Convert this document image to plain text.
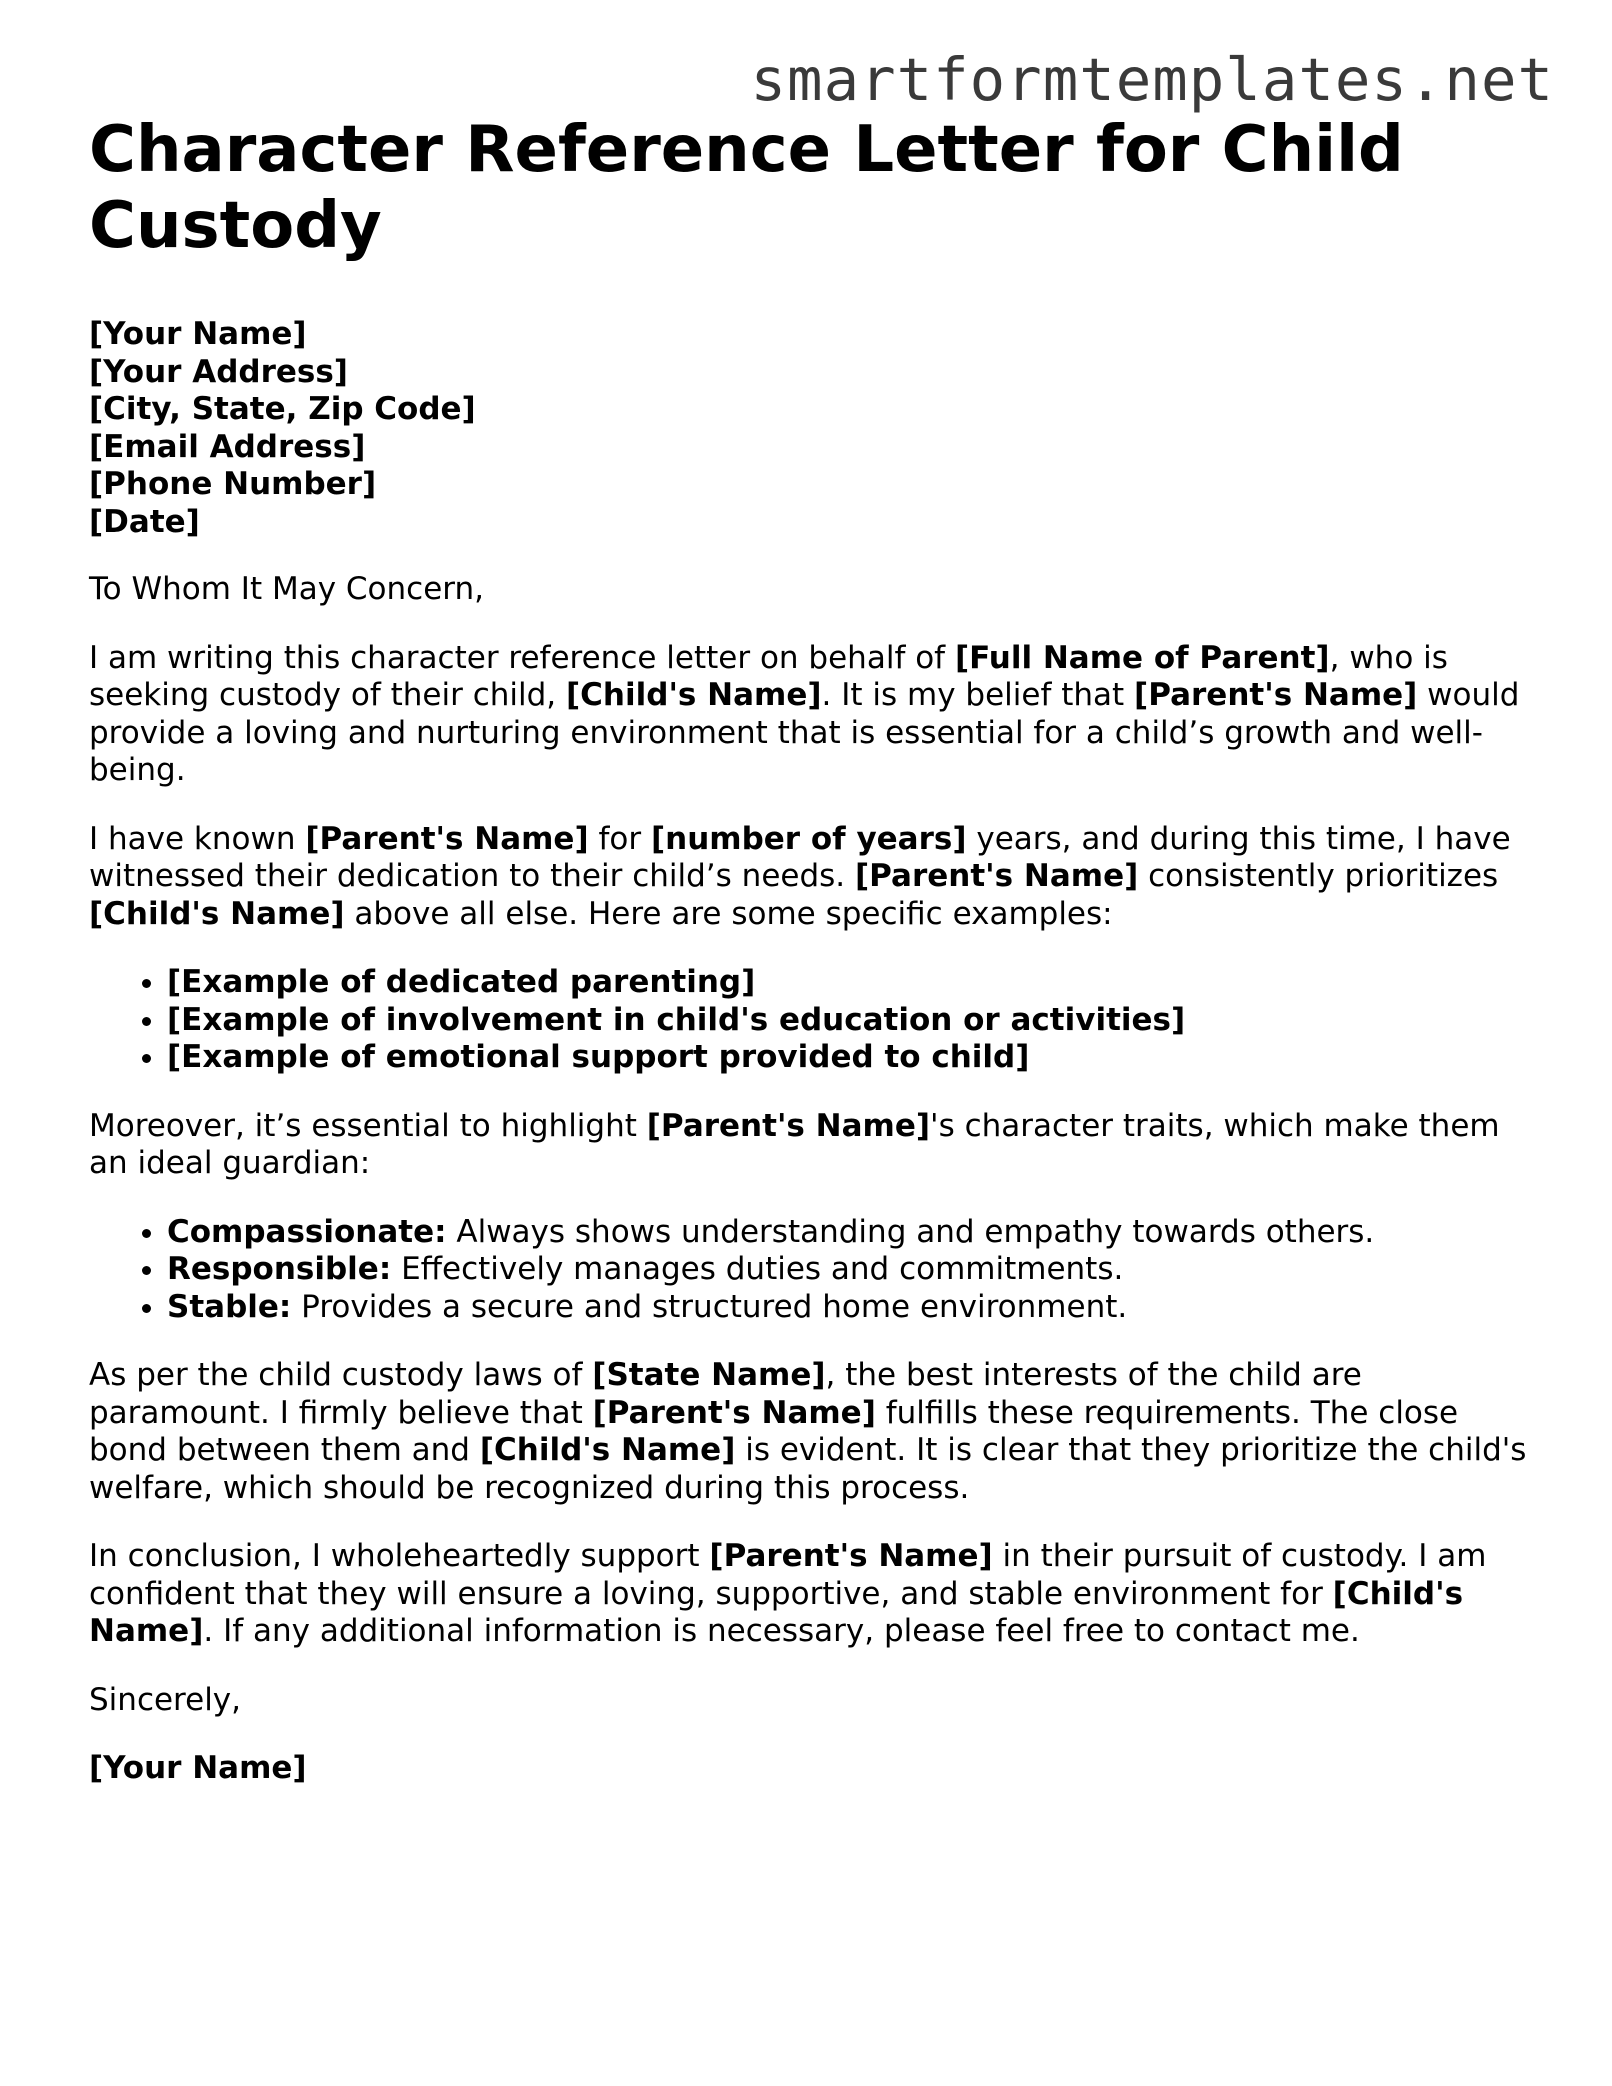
smartformtemplates.net
Character Reference Letter for Child Custody
[Your Name]
[Your Address]
[City, State, Zip Code]
[Email Address]
[Phone Number]
[Date]

To Whom It May Concern,

I am writing this character reference letter on behalf of [Full Name of Parent], who is seeking custody of their child, [Child's Name]. It is my belief that [Parent's Name] would provide a loving and nurturing environment that is essential for a child’s growth and well-being.

I have known [Parent's Name] for [number of years] years, and during this time, I have witnessed their dedication to their child’s needs. [Parent's Name] consistently prioritizes [Child's Name] above all else. Here are some specific examples:

• [Example of dedicated parenting]
• [Example of involvement in child's education or activities]
• [Example of emotional support provided to child]

Moreover, it’s essential to highlight [Parent's Name]'s character traits, which make them an ideal guardian:

• Compassionate: Always shows understanding and empathy towards others.
• Responsible: Effectively manages duties and commitments.
• Stable: Provides a secure and structured home environment.

As per the child custody laws of [State Name], the best interests of the child are paramount. I firmly believe that [Parent's Name] fulfills these requirements. The close bond between them and [Child's Name] is evident. It is clear that they prioritize the child's welfare, which should be recognized during this process.

In conclusion, I wholeheartedly support [Parent's Name] in their pursuit of custody. I am confident that they will ensure a loving, supportive, and stable environment for [Child's Name]. If any additional information is necessary, please feel free to contact me.

Sincerely,

[Your Name]
